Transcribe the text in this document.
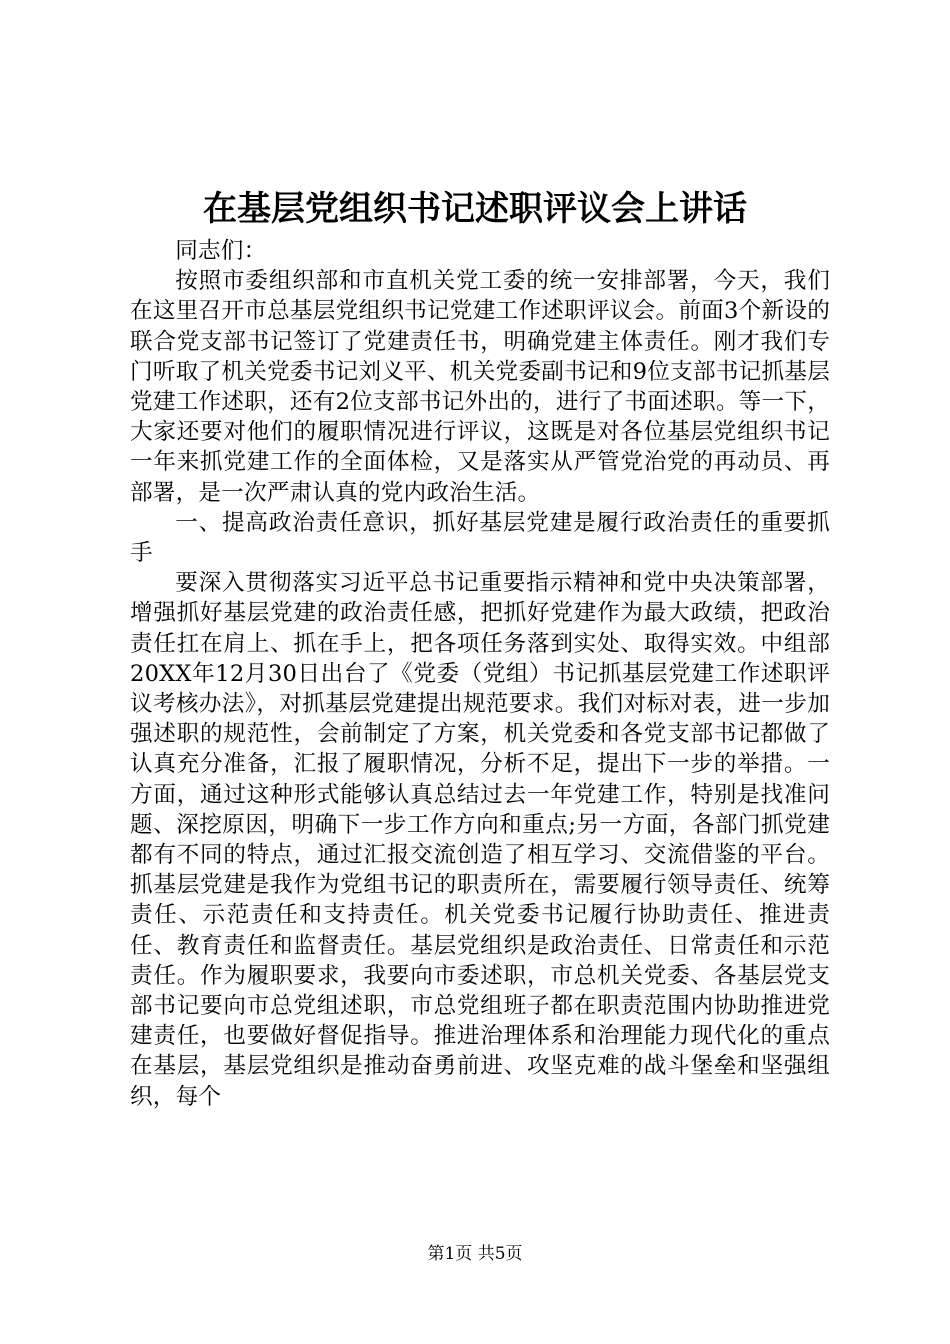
在基层党组织书记述职评议会上讲话

同志们：

按照市委组织部和市直机关党工委的统一安排部署，今天，我们在这里召开市总基层党组织书记党建工作述职评议会。前面3个新设的联合党支部书记签订了党建责任书，明确党建主体责任。刚才我们专门听取了机关党委书记刘义平、机关党委副书记和9位支部书记抓基层党建工作述职，还有2位支部书记外出的，进行了书面述职。等一下，大家还要对他们的履职情况进行评议，这既是对各位基层党组织书记一年来抓党建工作的全面体检，又是落实从严管党治党的再动员、再部署，是一次严肃认真的党内政治生活。

一、提高政治责任意识，抓好基层党建是履行政治责任的重要抓手

要深入贯彻落实习近平总书记重要指示精神和党中央决策部署，增强抓好基层党建的政治责任感，把抓好党建作为最大政绩，把政治责任扛在肩上、抓在手上，把各项任务落到实处、取得实效。中组部20XX年12月30日出台了《党委（党组）书记抓基层党建工作述职评议考核办法》，对抓基层党建提出规范要求。我们对标对表，进一步加强述职的规范性，会前制定了方案，机关党委和各党支部书记都做了认真充分准备，汇报了履职情况，分析不足，提出下一步的举措。一方面，通过这种形式能够认真总结过去一年党建工作，特别是找准问题、深挖原因，明确下一步工作方向和重点;另一方面，各部门抓党建都有不同的特点，通过汇报交流创造了相互学习、交流借鉴的平台。抓基层党建是我作为党组书记的职责所在，需要履行领导责任、统筹责任、示范责任和支持责任。机关党委书记履行协助责任、推进责任、教育责任和监督责任。基层党组织是政治责任、日常责任和示范责任。作为履职要求，我要向市委述职，市总机关党委、各基层党支部书记要向市总党组述职，市总党组班子都在职责范围内协助推进党建责任，也要做好督促指导。推进治理体系和治理能力现代化的重点在基层，基层党组织是推动奋勇前进、攻坚克难的战斗堡垒和坚强组织，每个

第1页 共5页
